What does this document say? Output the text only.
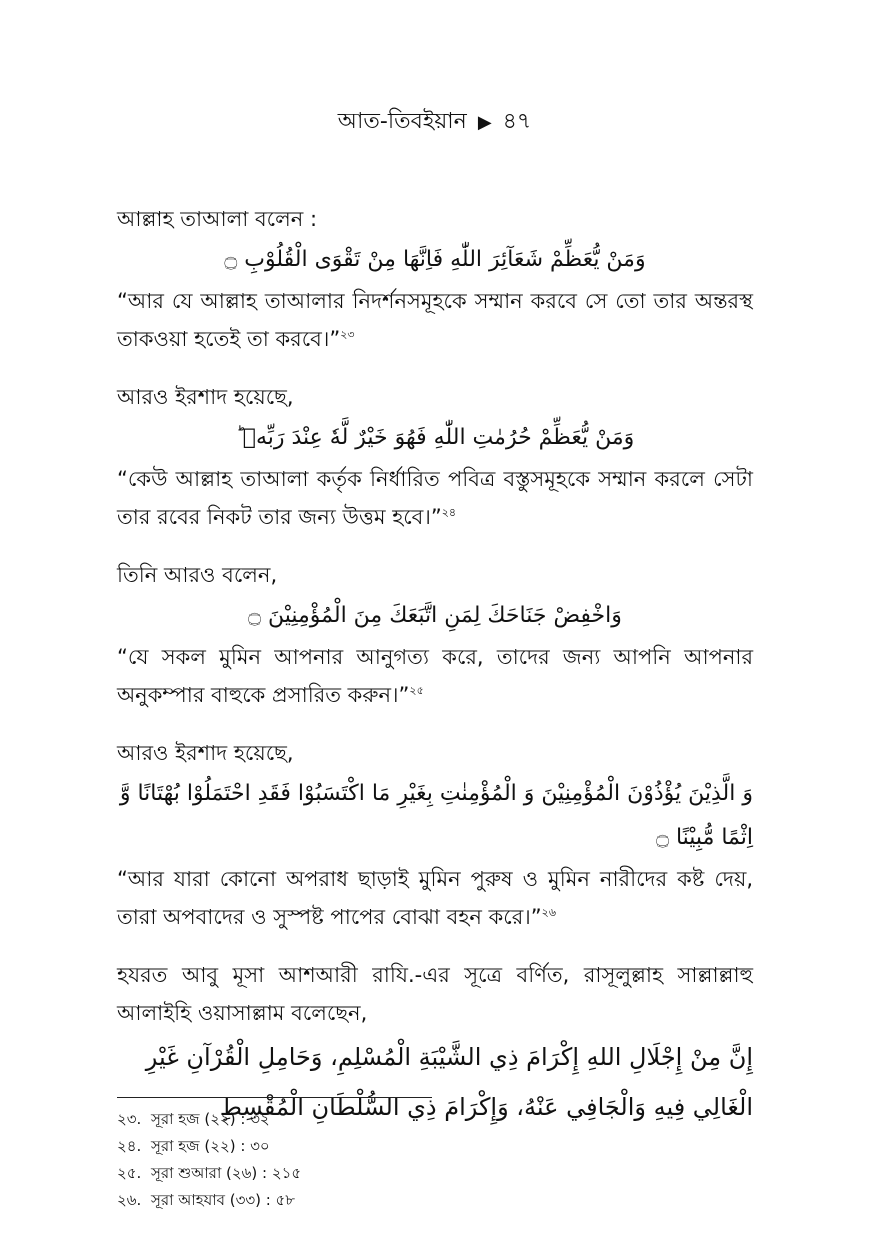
আত-তিবইয়ান ▶ ৪৭

আল্লাহ তাআলা বলেন :

وَمَنْ يُّعَظِّمْ شَعَآئِرَ اللّٰهِ فَاِنَّهَا مِنْ تَقْوَى الْقُلُوْبِ ۝

“আর যে আল্লাহ তাআলার নিদর্শনসমূহকে সম্মান করবে সে তো তার অন্তরস্থ তাকওয়া হতেই তা করবে।”$^{২৩}$

আরও ইরশাদ হয়েছে,

وَمَنْ يُّعَظِّمْ حُرُمٰتِ اللّٰهِ فَهُوَ خَيْرٌ لَّهٗ عِنْدَ رَبِّهٖ ؕ

“কেউ আল্লাহ তাআলা কর্তৃক নির্ধারিত পবিত্র বস্তুসমূহকে সম্মান করলে সেটা তার রবের নিকট তার জন্য উত্তম হবে।”$^{২৪}$

তিনি আরও বলেন,

وَاخْفِضْ جَنَاحَكَ لِمَنِ اتَّبَعَكَ مِنَ الْمُؤْمِنِيْنَ ۝

“যে সকল মুমিন আপনার আনুগত্য করে, তাদের জন্য আপনি আপনার অনুকম্পার বাহুকে প্রসারিত করুন।”$^{২৫}$

আরও ইরশাদ হয়েছে,

وَ الَّذِيْنَ يُؤْذُوْنَ الْمُؤْمِنِيْنَ وَ الْمُؤْمِنٰتِ بِغَيْرِ مَا اكْتَسَبُوْا فَقَدِ احْتَمَلُوْا بُهْتَانًا وَّ اِثْمًا مُّبِيْنًا ۝

“আর যারা কোনো অপরাধ ছাড়াই মুমিন পুরুষ ও মুমিন নারীদের কষ্ট দেয়, তারা অপবাদের ও সুস্পষ্ট পাপের বোঝা বহন করে।”$^{২৬}$

হযরত আবু মূসা আশআরী রাযি.-এর সূত্রে বর্ণিত, রাসূলুল্লাহ সাল্লাল্লাহু আলাইহি ওয়াসাল্লাম বলেছেন,

إِنَّ مِنْ إِجْلَالِ اللهِ إِكْرَامَ ذِي الشَّيْبَةِ الْمُسْلِمِ، وَحَامِلِ الْقُرْآنِ غَيْرِ الْغَالِي فِيهِ وَالْجَافِي عَنْهُ، وَإِكْرَامَ ذِي السُّلْطَانِ الْمُقْسِطِ

২৩. সূরা হজ (২২) : ৩২
২৪. সূরা হজ (২২) : ৩০
২৫. সূরা শুআরা (২৬) : ২১৫
২৬. সূরা আহযাব (৩৩) : ৫৮
